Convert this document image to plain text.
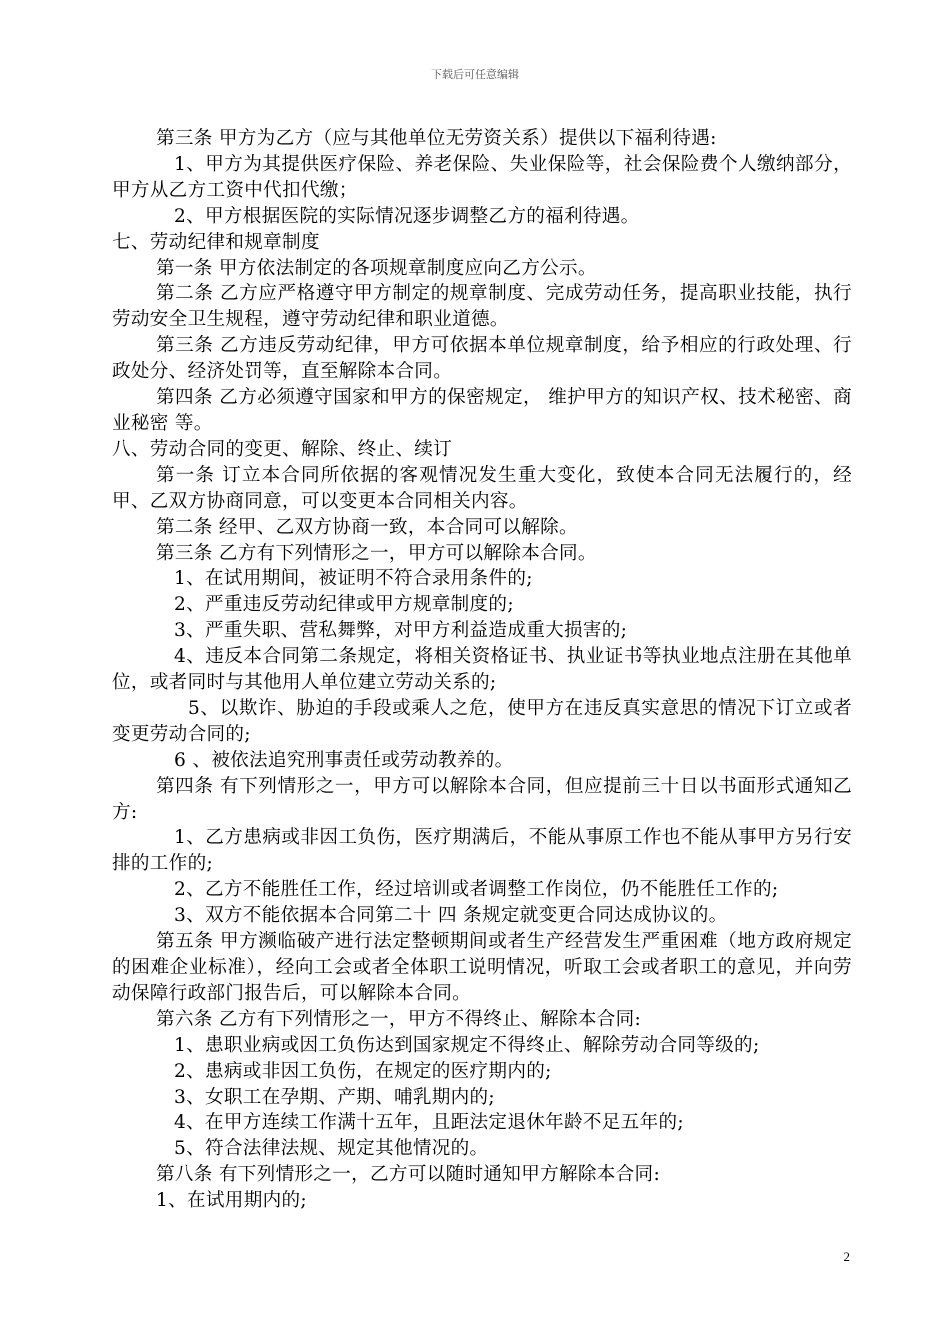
下载后可任意编辑

第三条 甲方为乙方（应与其他单位无劳资关系）提供以下福利待遇:

1、甲方为其提供医疗保险、养老保险、失业保险等，社会保险费个人缴纳部分，甲方从乙方工资中代扣代缴；

2、甲方根据医院的实际情况逐步调整乙方的福利待遇。

七、劳动纪律和规章制度

第一条 甲方依法制定的各项规章制度应向乙方公示。

第二条 乙方应严格遵守甲方制定的规章制度、完成劳动任务，提高职业技能，执行劳动安全卫生规程，遵守劳动纪律和职业道德。

第三条 乙方违反劳动纪律，甲方可依据本单位规章制度，给予相应的行政处理、行政处分、经济处罚等，直至解除本合同。

第四条 乙方必须遵守国家和甲方的保密规定， 维护甲方的知识产权、技术秘密、商业秘密 等。

八、劳动合同的变更、解除、终止、续订

第一条 订立本合同所依据的客观情况发生重大变化，致使本合同无法履行的，经甲、乙双方协商同意，可以变更本合同相关内容。

第二条 经甲、乙双方协商一致，本合同可以解除。

第三条 乙方有下列情形之一，甲方可以解除本合同。

1、在试用期间，被证明不符合录用条件的;

2、严重违反劳动纪律或甲方规章制度的;

3、严重失职、营私舞弊，对甲方利益造成重大损害的;

4、违反本合同第二条规定，将相关资格证书、执业证书等执业地点注册在其他单位，或者同时与其他用人单位建立劳动关系的;

5、以欺诈、胁迫的手段或乘人之危，使甲方在违反真实意思的情况下订立或者变更劳动合同的;

6 、被依法追究刑事责任或劳动教养的。

第四条 有下列情形之一，甲方可以解除本合同，但应提前三十日以书面形式通知乙方:

1、乙方患病或非因工负伤，医疗期满后，不能从事原工作也不能从事甲方另行安排的工作的;

2、乙方不能胜任工作，经过培训或者调整工作岗位，仍不能胜任工作的;

3、双方不能依据本合同第二十 四 条规定就变更合同达成协议的。

第五条 甲方濒临破产进行法定整顿期间或者生产经营发生严重困难（地方政府规定的困难企业标准），经向工会或者全体职工说明情况，听取工会或者职工的意见，并向劳动保障行政部门报告后，可以解除本合同。

第六条 乙方有下列情形之一，甲方不得终止、解除本合同:

1、患职业病或因工负伤达到国家规定不得终止、解除劳动合同等级的;

2、患病或非因工负伤，在规定的医疗期内的;

3、女职工在孕期、产期、哺乳期内的;

4、在甲方连续工作满十五年，且距法定退休年龄不足五年的;

5、符合法律法规、规定其他情况的。

第八条 有下列情形之一，乙方可以随时通知甲方解除本合同:

1、在试用期内的;

2
